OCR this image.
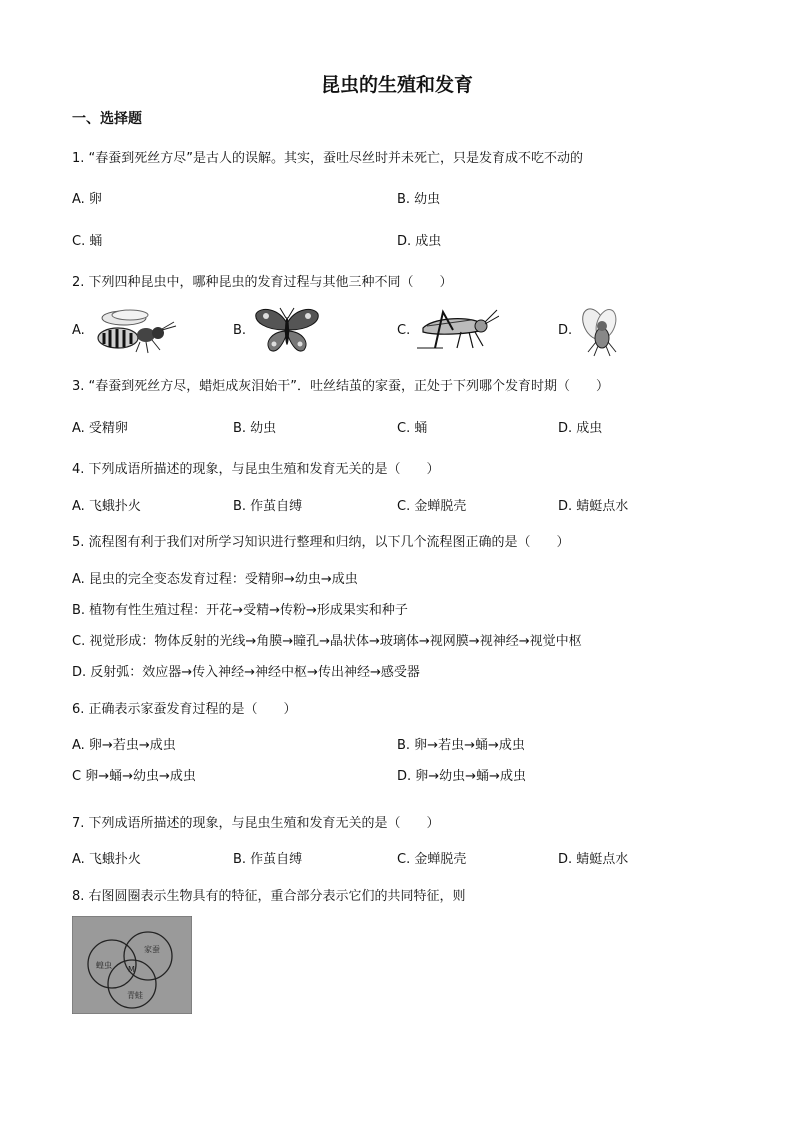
昆虫的生殖和发育
一、选择题
1. “春蚕到死丝方尽”是古人的误解。其实，蚕吐尽丝时并未死亡，只是发育成不吃不动的
A. 卵	B. 幼虫
C. 蛹	D. 成虫
2. 下列四种昆虫中，哪种昆虫的发育过程与其他三种不同（　　）
A.	B.	C.	D.
3. “春蚕到死丝方尽，蜡炬成灰泪始干”．吐丝结茧的家蚕，正处于下列哪个发育时期（　　）
A. 受精卵	B. 幼虫	C. 蛹	D. 成虫
4. 下列成语所描述的现象，与昆虫生殖和发育无关的是（　　）
A. 飞蛾扑火	B. 作茧自缚	C. 金蝉脱壳	D. 蜻蜓点水
5. 流程图有利于我们对所学习知识进行整理和归纳，以下几个流程图正确的是（　　）
A. 昆虫的完全变态发育过程：受精卵→幼虫→成虫
B. 植物有性生殖过程：开花→受精→传粉→形成果实和种子
C. 视觉形成：物体反射的光线→角膜→瞳孔→晶状体→玻璃体→视网膜→视神经→视觉中枢
D. 反射弧：效应器→传入神经→神经中枢→传出神经→感受器
6. 正确表示家蚕发育过程的是（　　）
A. 卵→若虫→成虫	B. 卵→若虫→蛹→成虫
C 卵→蛹→幼虫→成虫	D. 卵→幼虫→蛹→成虫
7. 下列成语所描述的现象，与昆虫生殖和发育无关的是（　　）
A. 飞蛾扑火	B. 作茧自缚	C. 金蝉脱壳	D. 蜻蜓点水
8. 右图圆圈表示生物具有的特征，重合部分表示它们的共同特征，则
蝗虫
家蚕
青蛙
M
